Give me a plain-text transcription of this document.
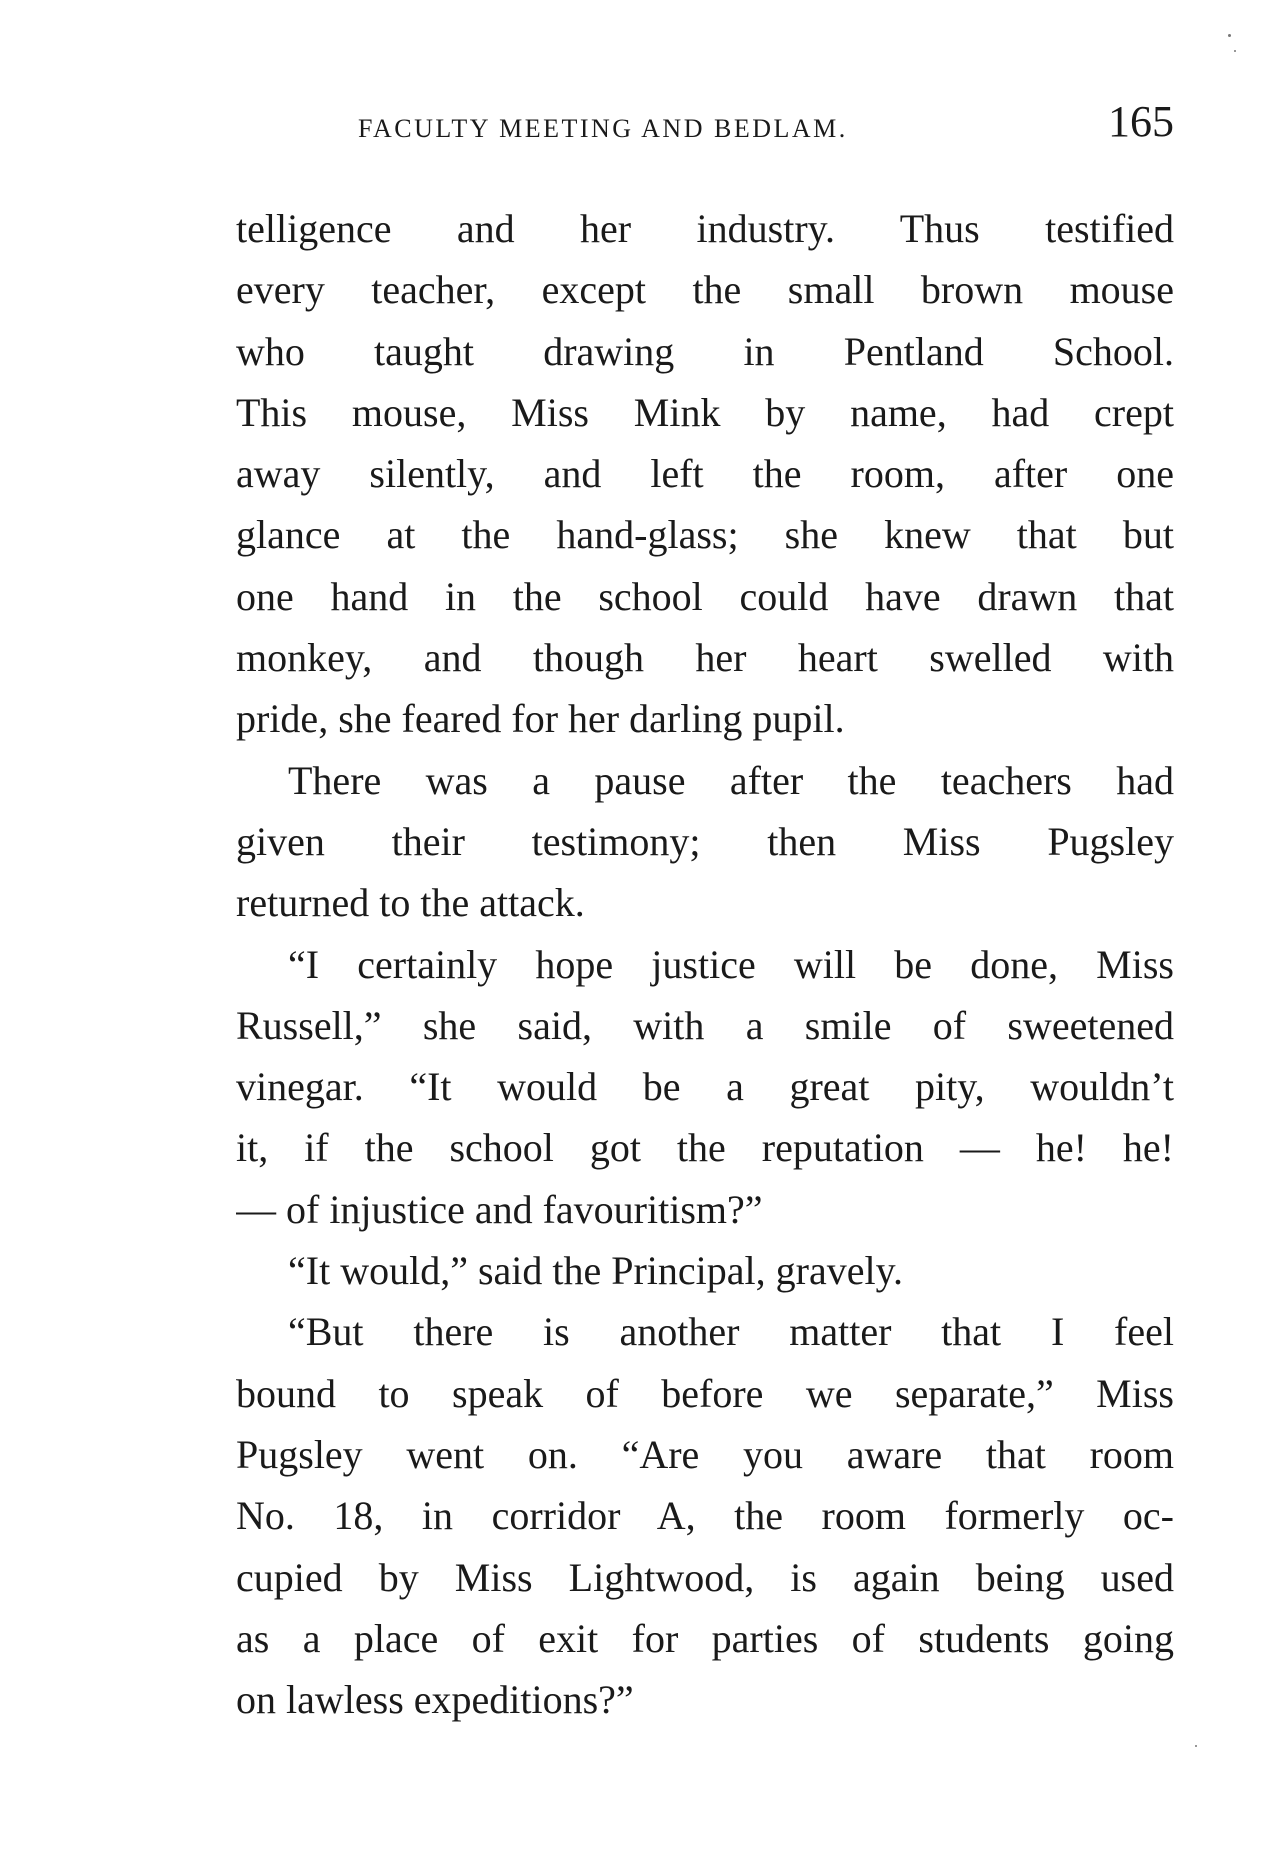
FACULTY MEETING AND BEDLAM.	165
telligence and her industry. Thus testified
every teacher, except the small brown mouse
who taught drawing in Pentland School.
This mouse, Miss Mink by name, had crept
away silently, and left the room, after one
glance at the hand-glass; she knew that but
one hand in the school could have drawn that
monkey, and though her heart swelled with
pride, she feared for her darling pupil.
There was a pause after the teachers had
given their testimony; then Miss Pugsley
returned to the attack.
“I certainly hope justice will be done, Miss
Russell,” she said, with a smile of sweetened
vinegar. “It would be a great pity, wouldn’t
it, if the school got the reputation — he! he!
— of injustice and favouritism?”
“It would,” said the Principal, gravely.
“But there is another matter that I feel
bound to speak of before we separate,” Miss
Pugsley went on. “Are you aware that room
No. 18, in corridor A, the room formerly oc-
cupied by Miss Lightwood, is again being used
as a place of exit for parties of students going
on lawless expeditions?”
